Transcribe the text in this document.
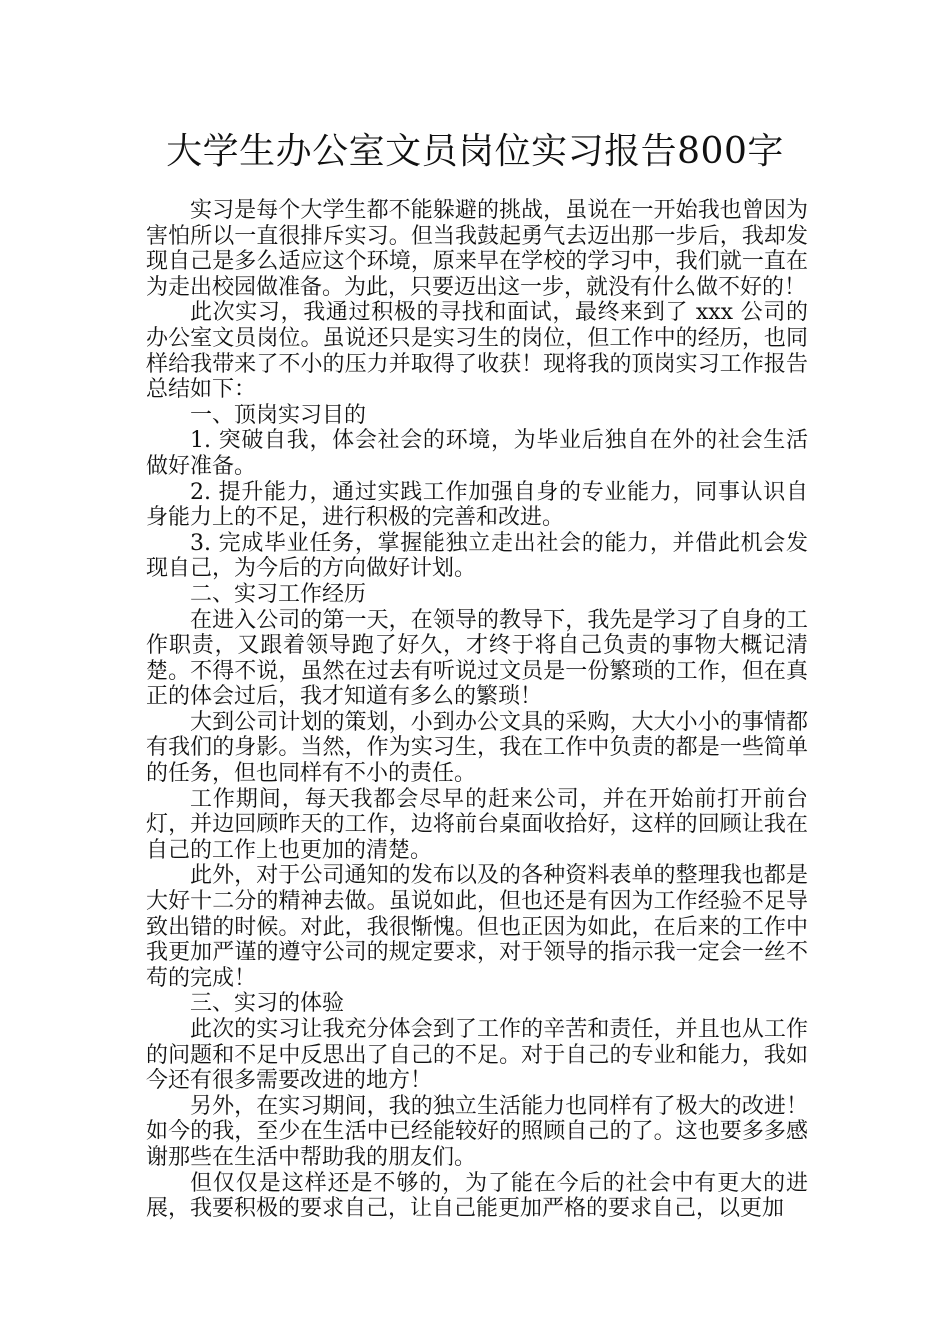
大学生办公室文员岗位实习报告800字

实习是每个大学生都不能躲避的挑战，虽说在一开始我也曾因为害怕所以一直很排斥实习。但当我鼓起勇气去迈出那一步后，我却发现自己是多么适应这个环境，原来早在学校的学习中，我们就一直在为走出校园做准备。为此，只要迈出这一步，就没有什么做不好的！

此次实习，我通过积极的寻找和面试，最终来到了 xxx 公司的办公室文员岗位。虽说还只是实习生的岗位，但工作中的经历，也同样给我带来了不小的压力并取得了收获！现将我的顶岗实习工作报告总结如下：

一、顶岗实习目的

1. 突破自我，体会社会的环境，为毕业后独自在外的社会生活做好准备。

2. 提升能力，通过实践工作加强自身的专业能力，同事认识自身能力上的不足，进行积极的完善和改进。

3. 完成毕业任务，掌握能独立走出社会的能力，并借此机会发现自己，为今后的方向做好计划。

二、实习工作经历

在进入公司的第一天，在领导的教导下，我先是学习了自身的工作职责，又跟着领导跑了好久，才终于将自己负责的事物大概记清楚。不得不说，虽然在过去有听说过文员是一份繁琐的工作，但在真正的体会过后，我才知道有多么的繁琐！

大到公司计划的策划，小到办公文具的采购，大大小小的事情都有我们的身影。当然，作为实习生，我在工作中负责的都是一些简单的任务，但也同样有不小的责任。

工作期间，每天我都会尽早的赶来公司，并在开始前打开前台灯，并边回顾昨天的工作，边将前台桌面收拾好，这样的回顾让我在自己的工作上也更加的清楚。

此外，对于公司通知的发布以及的各种资料表单的整理我也都是大好十二分的精神去做。虽说如此，但也还是有因为工作经验不足导致出错的时候。对此，我很惭愧。但也正因为如此，在后来的工作中我更加严谨的遵守公司的规定要求，对于领导的指示我一定会一丝不苟的完成！

三、实习的体验

此次的实习让我充分体会到了工作的辛苦和责任，并且也从工作的问题和不足中反思出了自己的不足。对于自己的专业和能力，我如今还有很多需要改进的地方！

另外，在实习期间，我的独立生活能力也同样有了极大的改进！如今的我，至少在生活中已经能较好的照顾自己的了。这也要多多感谢那些在生活中帮助我的朋友们。

但仅仅是这样还是不够的，为了能在今后的社会中有更大的进展，我要积极的要求自己，让自己能更加严格的要求自己，以更加
